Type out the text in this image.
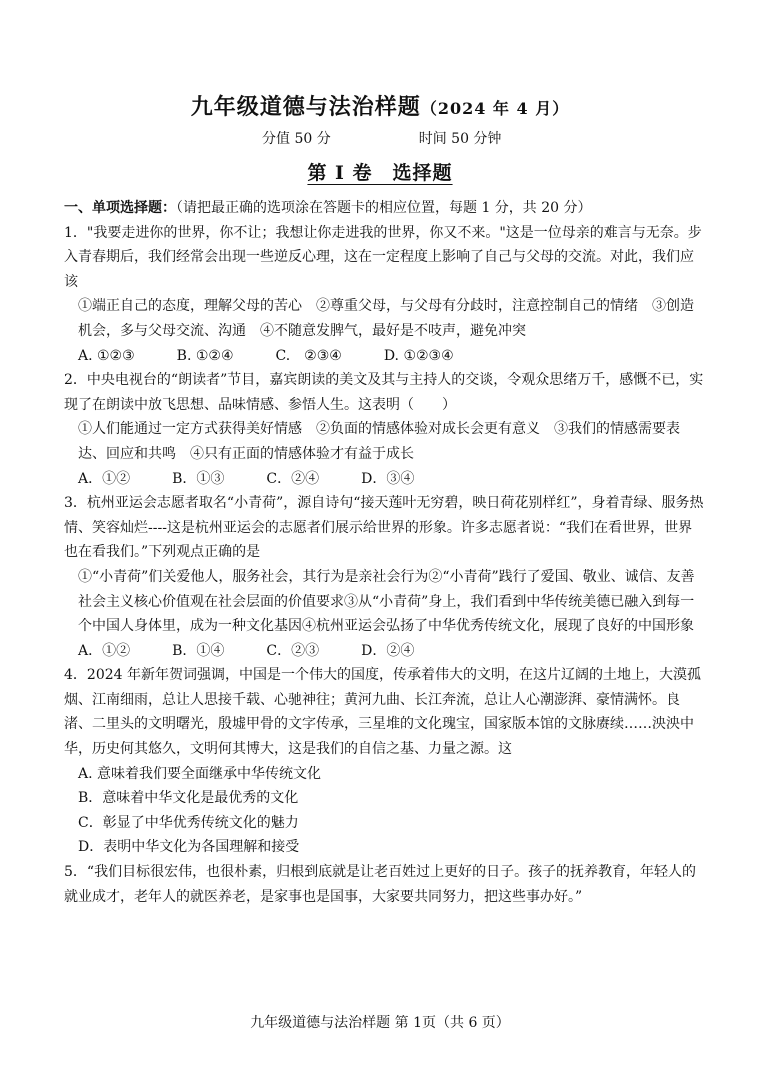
九年级道德与法治样题（2024 年 4 月）
分值 50 分	时间 50 分钟
第 I 卷　选择题

一、单项选择题：（请把最正确的选项涂在答题卡的相应位置，每题 1 分，共 20 分）

1．"我要走进你的世界，你不让；我想让你走进我的世界，你又不来。"这是一位母亲的难言与无奈。步入青春期后，我们经常会出现一些逆反心理，这在一定程度上影响了自己与父母的交流。对此，我们应该

①端正自己的态度，理解父母的苦心　②尊重父母，与父母有分歧时，注意控制自己的情绪　③创造机会，多与父母交流、沟通　④不随意发脾气，最好是不吱声，避免冲突

A. ①②③　　　B. ①②④　　　C.　②③④　　　D. ①②③④

2．中央电视台的“朗读者”节目，嘉宾朗读的美文及其与主持人的交谈，令观众思绪万千，感慨不已，实现了在朗读中放飞思想、品味情感、参悟人生。这表明（　　）

①人们能通过一定方式获得美好情感　②负面的情感体验对成长会更有意义　③我们的情感需要表达、回应和共鸣　④只有正面的情感体验才有益于成长

A．①②　　　B．①③　　　C．②④　　　D．③④

3．杭州亚运会志愿者取名“小青荷”，源自诗句“接天莲叶无穷碧，映日荷花别样红”，身着青绿、服务热情、笑容灿烂----这是杭州亚运会的志愿者们展示给世界的形象。许多志愿者说：“我们在看世界，世界也在看我们。”下列观点正确的是

①“小青荷”们关爱他人，服务社会，其行为是亲社会行为②“小青荷”践行了爱国、敬业、诚信、友善社会主义核心价值观在社会层面的价值要求③从“小青荷”身上，我们看到中华传统美德已融入到每一个中国人身体里，成为一种文化基因④杭州亚运会弘扬了中华优秀传统文化，展现了良好的中国形象

A．①②　　　B．①④　　　C．②③　　　D．②④

4．2024 年新年贺词强调，中国是一个伟大的国度，传承着伟大的文明，在这片辽阔的土地上，大漠孤烟、江南细雨，总让人思接千载、心驰神往；黄河九曲、长江奔流，总让人心潮澎湃、豪情满怀。良渚、二里头的文明曙光，殷墟甲骨的文字传承，三星堆的文化瑰宝，国家版本馆的文脉赓续……泱泱中华，历史何其悠久，文明何其博大，这是我们的自信之基、力量之源。这

A. 意味着我们要全面继承中华传统文化

B．意味着中华文化是最优秀的文化

C．彰显了中华优秀传统文化的魅力

D．表明中华文化为各国理解和接受

5．“我们目标很宏伟，也很朴素，归根到底就是让老百姓过上更好的日子。孩子的抚养教育，年轻人的就业成才，老年人的就医养老，是家事也是国事，大家要共同努力，把这些事办好。”

九年级道德与法治样题 第 1页（共 6 页）
